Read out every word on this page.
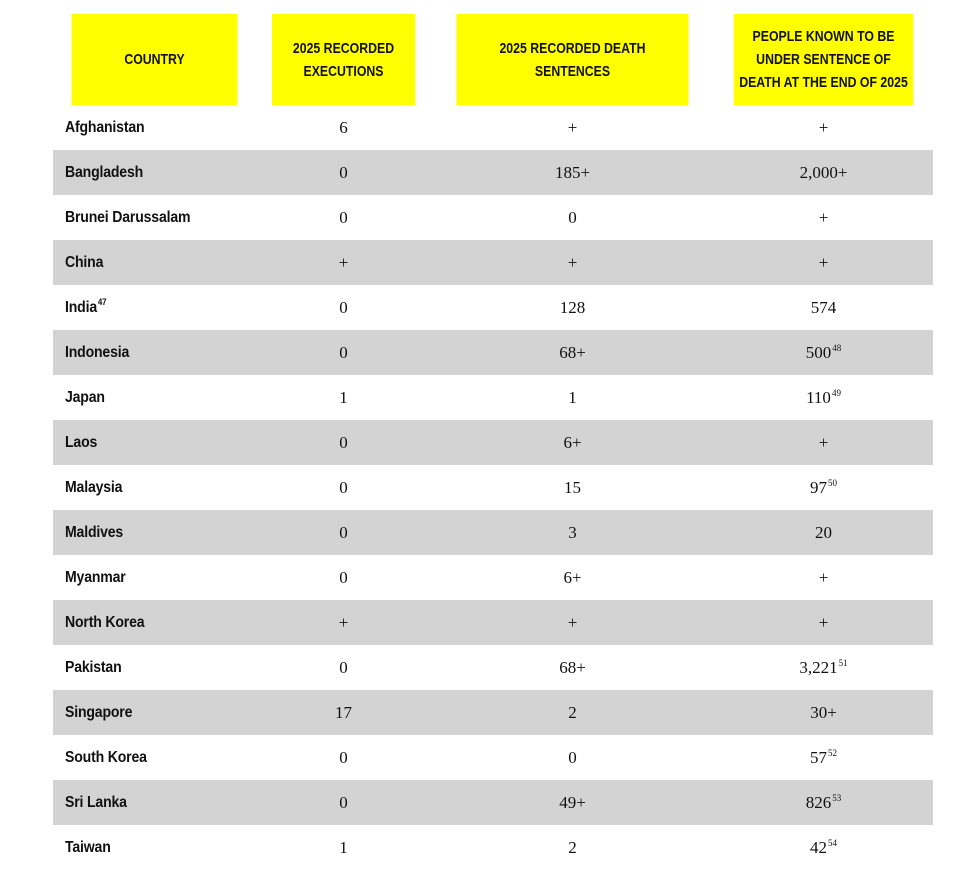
COUNTRY	2025 RECORDED EXECUTIONS	2025 RECORDED DEATH SENTENCES	PEOPLE KNOWN TO BE UNDER SENTENCE OF DEATH AT THE END OF 2025
Afghanistan	6	+	+
Bangladesh	0	185+	2,000+
Brunei Darussalam	0	0	+
China	+	+	+
India$^{47}$	0	128	574
Indonesia	0	68+	$500^{48}$
Japan	1	1	$110^{49}$
Laos	0	6+	+
Malaysia	0	15	$97^{50}$
Maldives	0	3	20
Myanmar	0	6+	+
North Korea	+	+	+
Pakistan	0	68+	$3,221^{51}$
Singapore	17	2	30+
South Korea	0	0	$57^{52}$
Sri Lanka	0	49+	$826^{53}$
Taiwan	1	2	$42^{54}$
